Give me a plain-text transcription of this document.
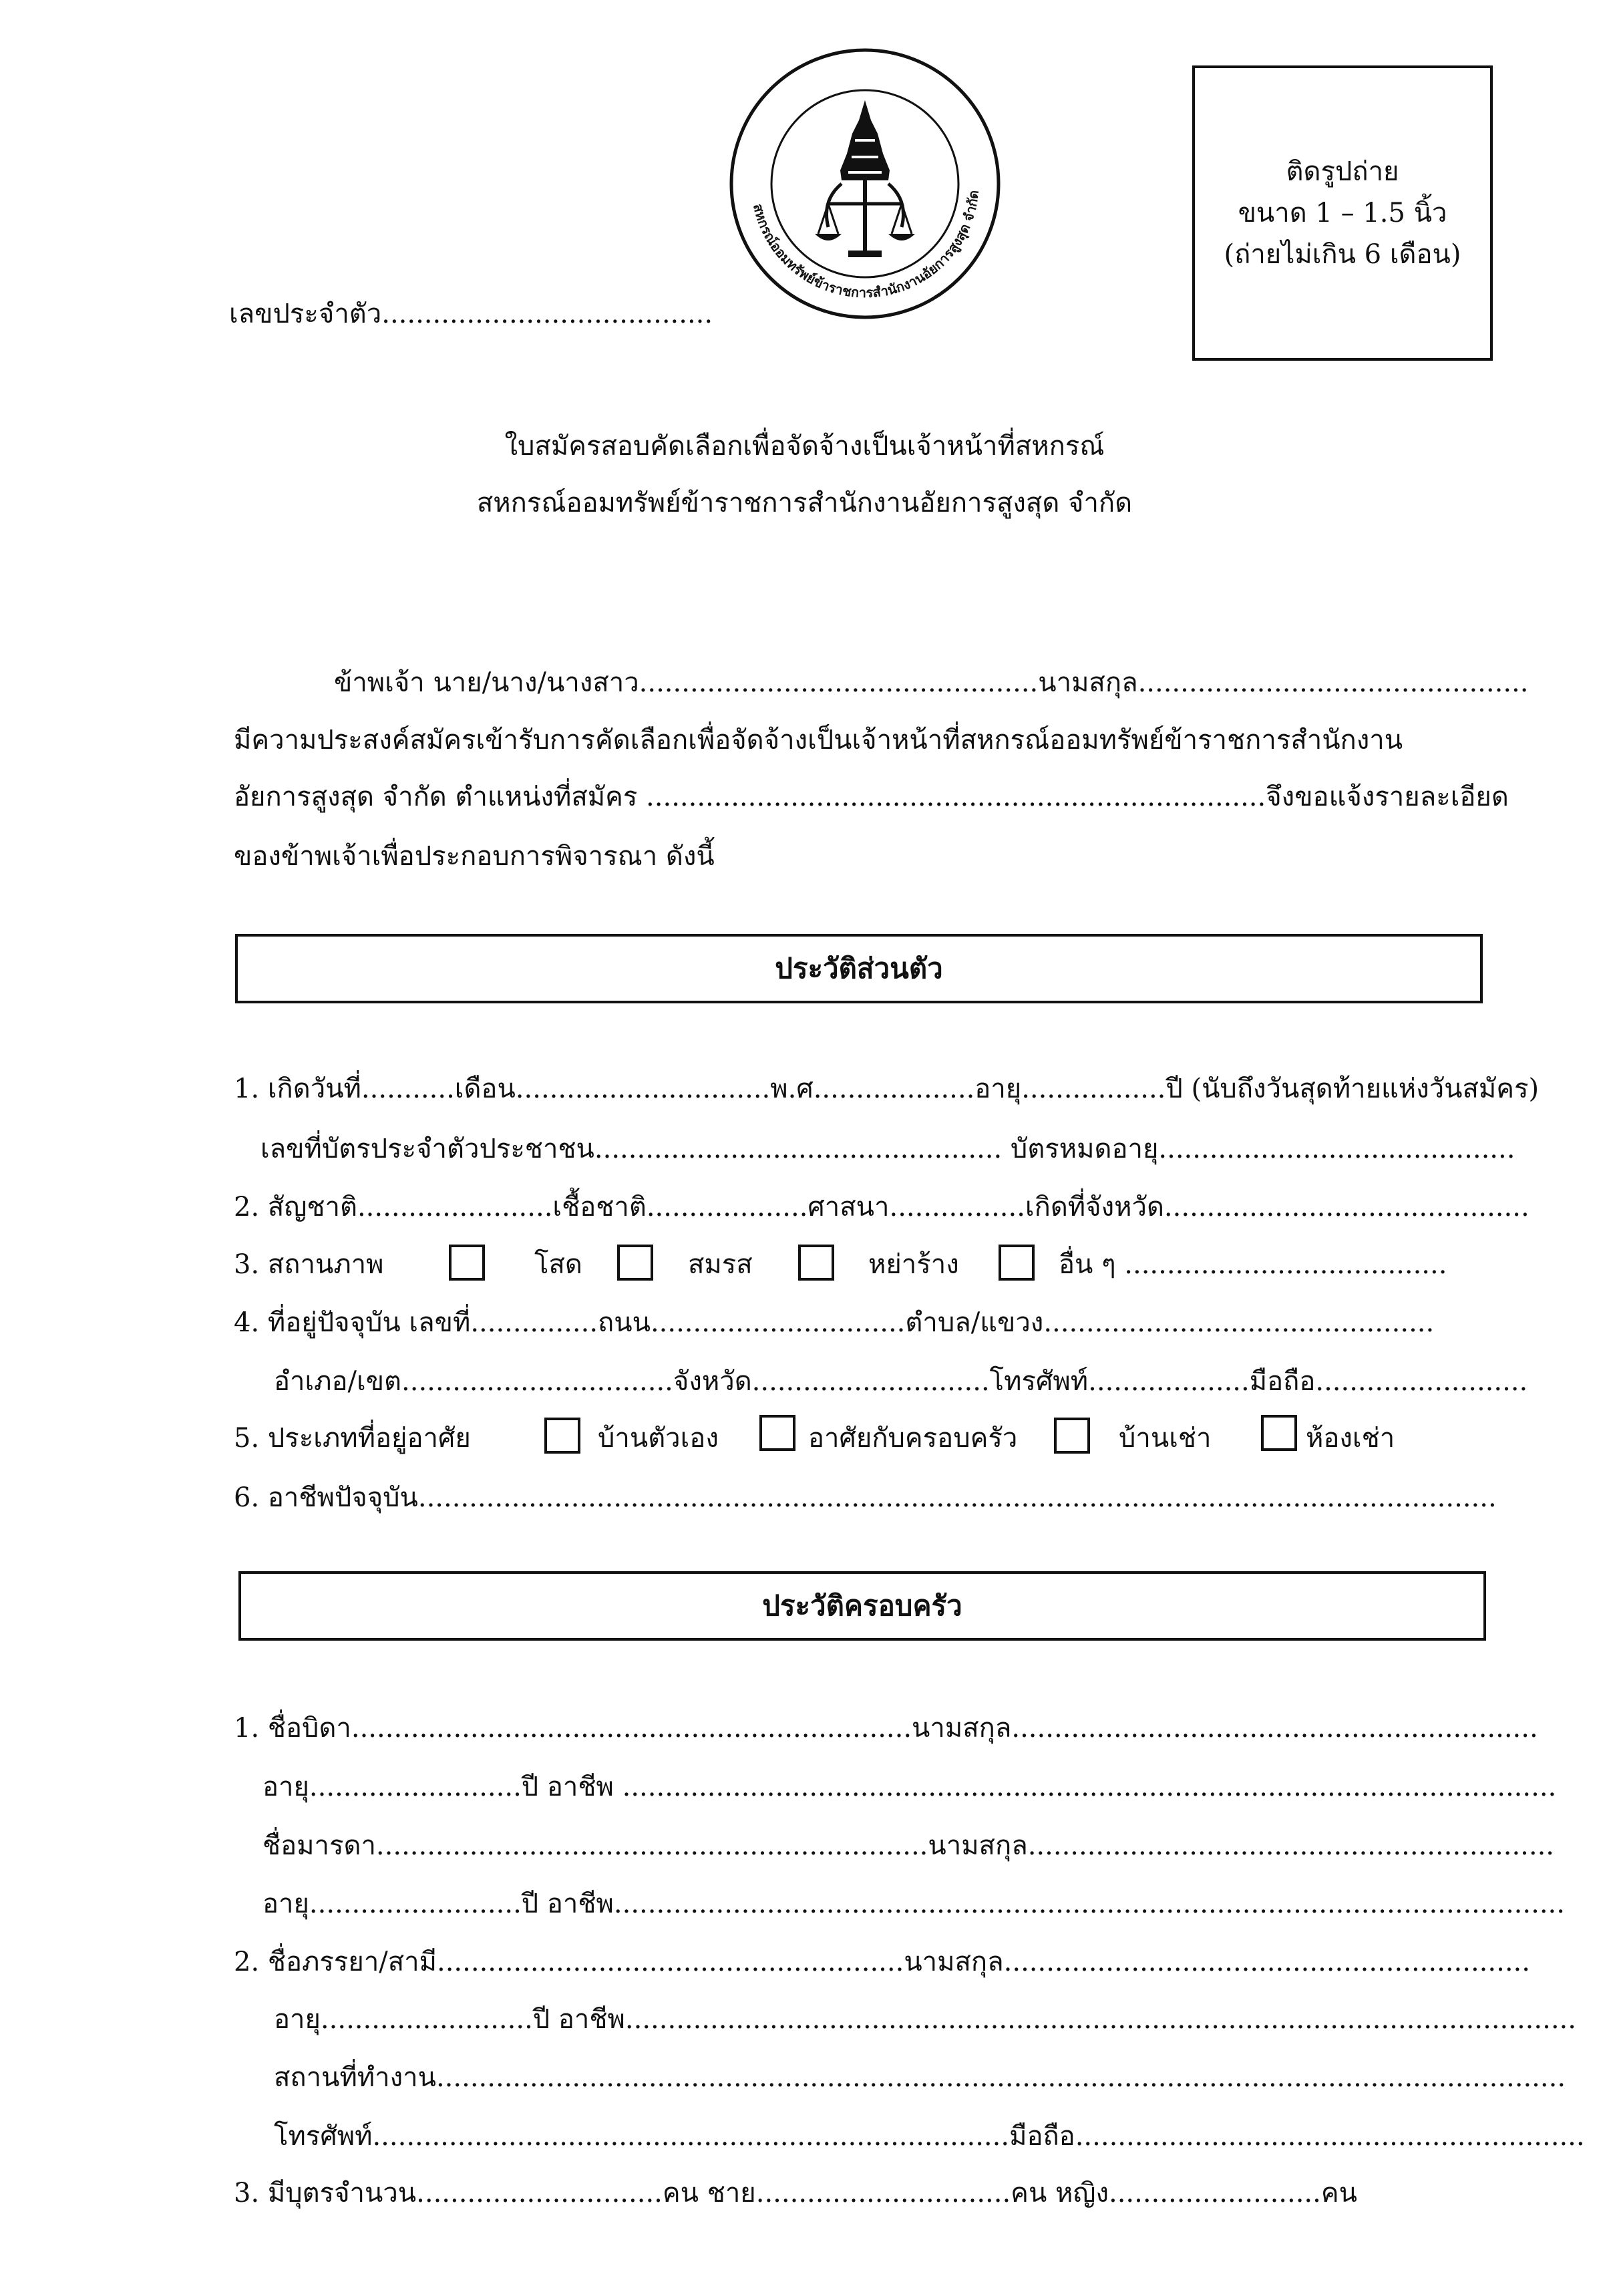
สหกรณ์ออมทรัพย์ข้าราชการสำนักงานอัยการสูงสุด จำกัด
ติดรูปถ่าย
ขนาด 1 – 1.5 นิ้ว
(ถ่ายไม่เกิน 6 เดือน)
เลขประจำตัว.......................................
ใบสมัครสอบคัดเลือกเพื่อจัดจ้างเป็นเจ้าหน้าที่สหกรณ์
สหกรณ์ออมทรัพย์ข้าราชการสำนักงานอัยการสูงสุด จำกัด
ข้าพเจ้า นาย/นาง/นางสาว...............................................นามสกุล..............................................
มีความประสงค์สมัครเข้ารับการคัดเลือกเพื่อจัดจ้างเป็นเจ้าหน้าที่สหกรณ์ออมทรัพย์ข้าราชการสำนักงาน
อัยการสูงสุด จำกัด ตำแหน่งที่สมัคร .........................................................................จึงขอแจ้งรายละเอียด
ของข้าพเจ้าเพื่อประกอบการพิจารณา ดังนี้
ประวัติส่วนตัว
1. เกิดวันที่...........เดือน..............................พ.ศ...................อายุ.................ปี (นับถึงวันสุดท้ายแห่งวันสมัคร)
เลขที่บัตรประจำตัวประชาชน................................................ บัตรหมดอายุ..........................................
2. สัญชาติ.......................เชื้อชาติ...................ศาสนา................เกิดที่จังหวัด...........................................
3. สถานภาพ	โสด	สมรส	หย่าร้าง	อื่น ๆ ......................................
4. ที่อยู่ปัจจุบัน เลขที่...............ถนน..............................ตำบล/แขวง..............................................
อำเภอ/เขต................................จังหวัด............................โทรศัพท์...................มือถือ.........................
5. ประเภทที่อยู่อาศัย	บ้านตัวเอง	อาศัยกับครอบครัว	บ้านเช่า	ห้องเช่า
6. อาชีพปัจจุบัน...............................................................................................................................
ประวัติครอบครัว
1. ชื่อบิดา..................................................................นามสกุล..............................................................
อายุ.........................ปี อาชีพ ..............................................................................................................
ชื่อมารดา.................................................................นามสกุล..............................................................
อายุ.........................ปี อาชีพ................................................................................................................
2. ชื่อภรรยา/สามี.......................................................นามสกุล..............................................................
อายุ.........................ปี อาชีพ................................................................................................................
สถานที่ทำงาน.....................................................................................................................................
โทรศัพท์...........................................................................มือถือ............................................................
3. มีบุตรจำนวน.............................คน ชาย..............................คน หญิง.........................คน
